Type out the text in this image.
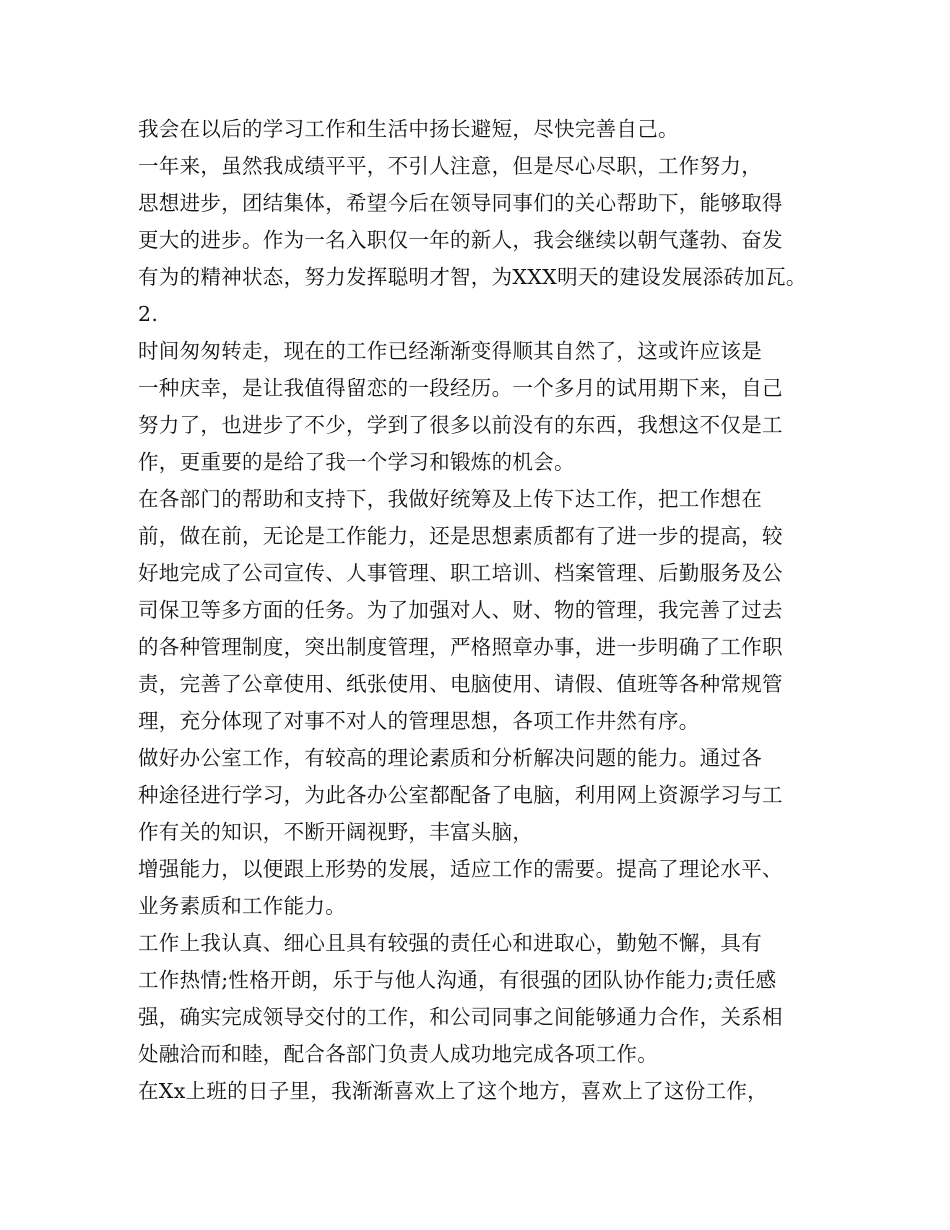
我会在以后的学习工作和生活中扬长避短，尽快完善自己。
一年来，虽然我成绩平平，不引人注意，但是尽心尽职，工作努力，
思想进步，团结集体，希望今后在领导同事们的关心帮助下，能够取得
更大的进步。作为一名入职仅一年的新人，我会继续以朝气蓬勃、奋发
有为的精神状态，努力发挥聪明才智，为XXX明天的建设发展添砖加瓦。
2.
时间匆匆转走，现在的工作已经渐渐变得顺其自然了，这或许应该是
一种庆幸，是让我值得留恋的一段经历。一个多月的试用期下来，自己
努力了，也进步了不少，学到了很多以前没有的东西，我想这不仅是工
作，更重要的是给了我一个学习和锻炼的机会。
在各部门的帮助和支持下，我做好统筹及上传下达工作，把工作想在
前，做在前，无论是工作能力，还是思想素质都有了进一步的提高，较
好地完成了公司宣传、人事管理、职工培训、档案管理、后勤服务及公
司保卫等多方面的任务。为了加强对人、财、物的管理，我完善了过去
的各种管理制度，突出制度管理，严格照章办事，进一步明确了工作职
责，完善了公章使用、纸张使用、电脑使用、请假、值班等各种常规管
理，充分体现了对事不对人的管理思想，各项工作井然有序。
做好办公室工作，有较高的理论素质和分析解决问题的能力。通过各
种途径进行学习，为此各办公室都配备了电脑，利用网上资源学习与工
作有关的知识，不断开阔视野，丰富头脑，
增强能力，以便跟上形势的发展，适应工作的需要。提高了理论水平、
业务素质和工作能力。
工作上我认真、细心且具有较强的责任心和进取心，勤勉不懈，具有
工作热情;性格开朗，乐于与他人沟通，有很强的团队协作能力;责任感
强，确实完成领导交付的工作，和公司同事之间能够通力合作，关系相
处融洽而和睦，配合各部门负责人成功地完成各项工作。
在Xx上班的日子里，我渐渐喜欢上了这个地方，喜欢上了这份工作，
